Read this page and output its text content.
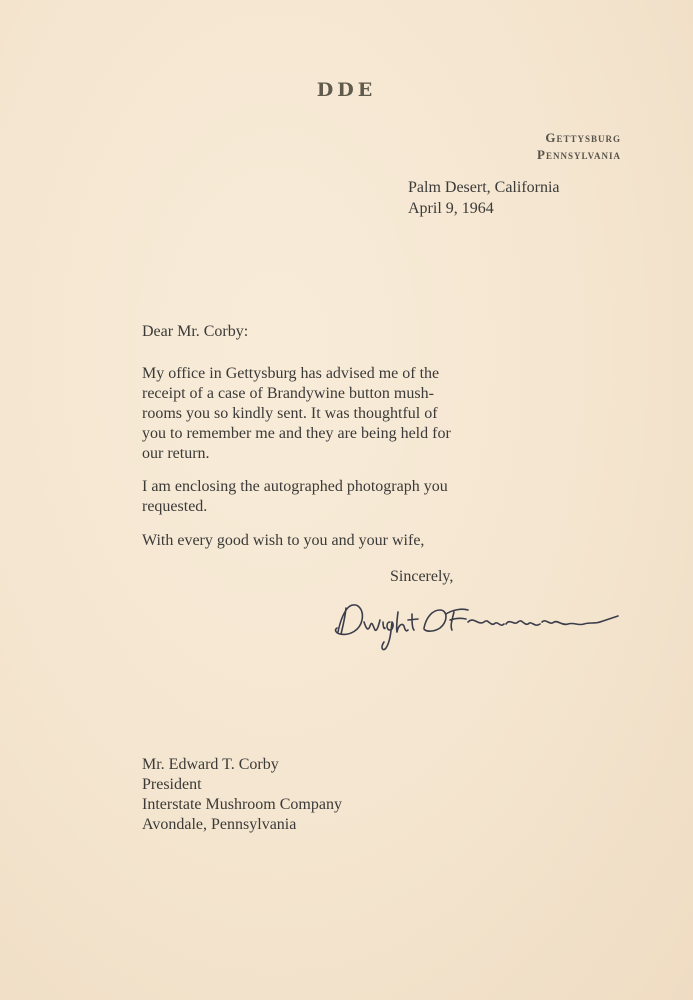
DDE
Gettysburg
Pennsylvania
Palm Desert, California
April 9, 1964
Dear Mr. Corby:
My office in Gettysburg has advised me of the
receipt of a case of Brandywine button mush-
rooms you so kindly sent. It was thoughtful of
you to remember me and they are being held for
our return.
I am enclosing the autographed photograph you
requested.
With every good wish to you and your wife,
Sincerely,
Mr. Edward T. Corby
President
Interstate Mushroom Company
Avondale, Pennsylvania
